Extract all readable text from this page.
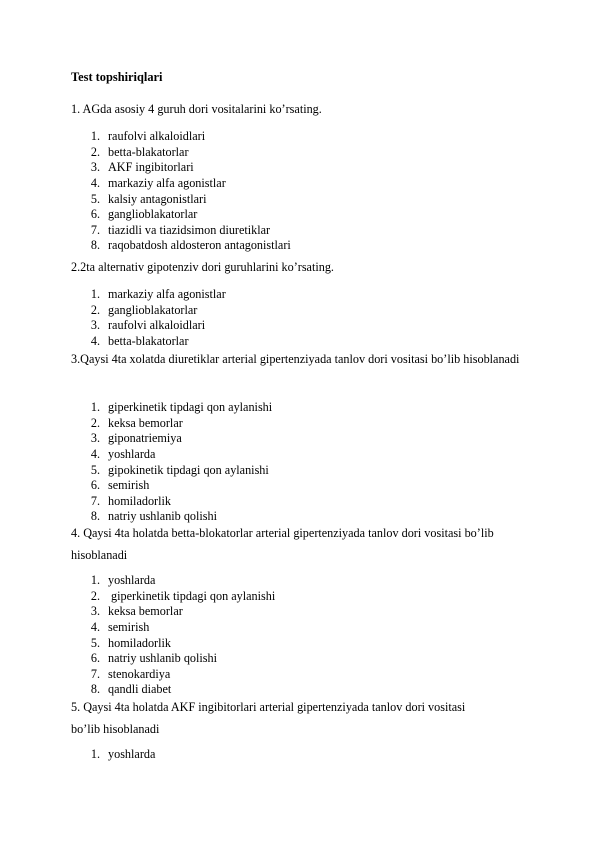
Test topshiriqlari

1. AGda asosiy 4 guruh dori vositalarini ko’rsating.

1. raufolvi alkaloidlari
2. betta-blakatorlar
3. AKF ingibitorlari
4. markaziy alfa agonistlar
5. kalsiy antagonistlari
6. ganglioblakatorlar
7. tiazidli va tiazidsimon diuretiklar
8. raqobatdosh aldosteron antagonistlari

2.2ta alternativ gipotenziv dori guruhlarini ko’rsating.

1. markaziy alfa agonistlar
2. ganglioblakatorlar
3. raufolvi alkaloidlari
4. betta-blakatorlar

3.Qaysi 4ta xolatda diuretiklar arterial gipertenziyada tanlov dori vositasi bo’lib hisoblanadi

1. giperkinetik tipdagi qon aylanishi
2. keksa bemorlar
3. giponatriemiya
4. yoshlarda
5. gipokinetik tipdagi qon aylanishi
6. semirish
7. homiladorlik
8. natriy ushlanib qolishi

4. Qaysi 4ta holatda betta-blokatorlar arterial gipertenziyada tanlov dori vositasi bo’lib hisoblanadi

1. yoshlarda
2. giperkinetik tipdagi qon aylanishi
3. keksa bemorlar
4. semirish
5. homiladorlik
6. natriy ushlanib qolishi
7. stenokardiya
8. qandli diabet

5. Qaysi 4ta holatda AKF ingibitorlari arterial gipertenziyada tanlov dori vositasi bo’lib hisoblanadi

1. yoshlarda
